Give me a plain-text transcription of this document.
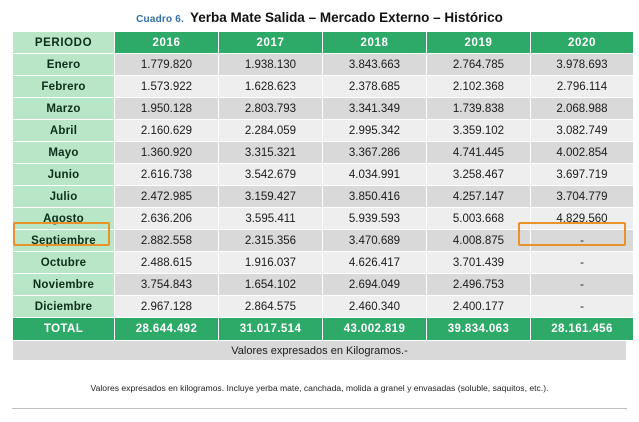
Cuadro 6. Yerba Mate Salida – Mercado Externo – Histórico
PERIODO	2016	2017	2018	2019	2020
Enero	1.779.820	1.938.130	3.843.663	2.764.785	3.978.693
Febrero	1.573.922	1.628.623	2.378.685	2.102.368	2.796.114
Marzo	1.950.128	2.803.793	3.341.349	1.739.838	2.068.988
Abril	2.160.629	2.284.059	2.995.342	3.359.102	3.082.749
Mayo	1.360.920	3.315.321	3.367.286	4.741.445	4.002.854
Junio	2.616.738	3.542.679	4.034.991	3.258.467	3.697.719
Julio	2.472.985	3.159.427	3.850.416	4.257.147	3.704.779
Agosto	2.636.206	3.595.411	5.939.593	5.003.668	4.829.560
Septiembre	2.882.558	2.315.356	3.470.689	4.008.875	-
Octubre	2.488.615	1.916.037	4.626.417	3.701.439	-
Noviembre	3.754.843	1.654.102	2.694.049	2.496.753	-
Diciembre	2.967.128	2.864.575	2.460.340	2.400.177	-
TOTAL	28.644.492	31.017.514	43.002.819	39.834.063	28.161.456
Valores expresados en Kilogramos.-
Valores expresados en kilogramos. Incluye yerba mate, canchada, molida a granel y envasadas (soluble, saquitos, etc.).
